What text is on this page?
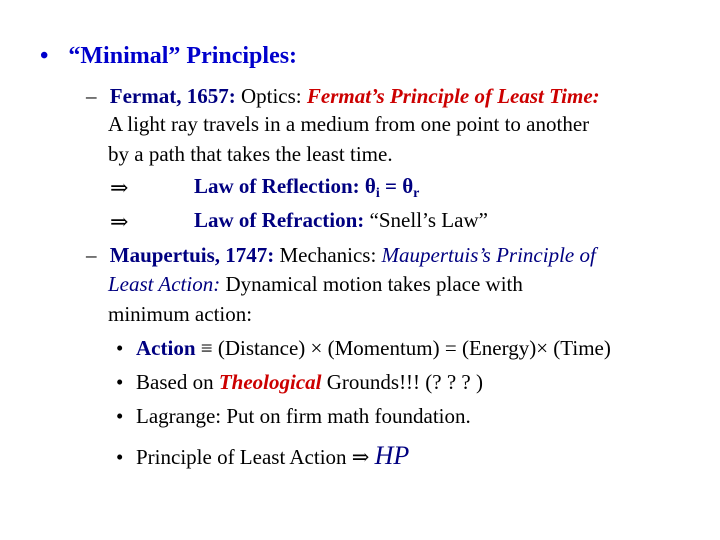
• “Minimal” Principles:
– Fermat, 1657: Optics: Fermat’s Principle of Least Time:
A light ray travels in a medium from one point to another
by a path that takes the least time.
⇒	Law of Reflection: $\theta_i = \theta_r$
⇒	Law of Refraction: “Snell’s Law”
– Maupertuis, 1747: Mechanics: Maupertuis’s Principle of
Least Action: Dynamical motion takes place with
minimum action:
• Action ≡ (Distance) × (Momentum) = (Energy)× (Time)
• Based on Theological Grounds!!! (? ? ? )
• Lagrange: Put on firm math foundation.
• Principle of Least Action ⇒ HP
